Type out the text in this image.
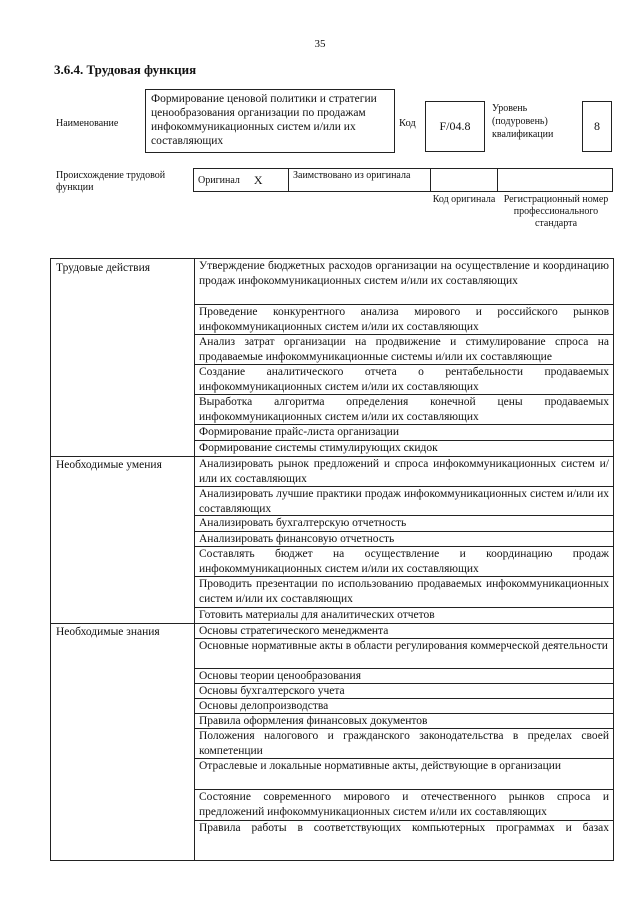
35
3.6.4. Трудовая функция
Наименование
Формирование ценовой политики и стратегии ценообразования организации по продажам инфокоммуникационных систем и/или их составляющих
Код F/04.8
Уровень (подуровень) квалификации
8
Происхождение трудовой функции
Оригинал X	Заимствовано из оригинала
Код оригинала Регистрационный номер профессионального стандарта
Трудовые действия	Утверждение бюджетных расходов организации на осуществление и координацию продаж инфокоммуникационных систем и/или их составляющих
Проведение конкурентного анализа мирового и российского рынков инфокоммуникационных систем и/или их составляющих
Анализ затрат организации на продвижение и стимулирование спроса на продаваемые инфокоммуникационные системы и/или их составляющие
Создание аналитического отчета о рентабельности продаваемых инфокоммуникационных систем и/или их составляющих
Выработка алгоритма определения конечной цены продаваемых инфокоммуникационных систем и/или их составляющих
Формирование прайс-листа организации
Формирование системы стимулирующих скидок
Необходимые умения	Анализировать рынок предложений и спроса инфокоммуникационных систем и/или их составляющих
Анализировать лучшие практики продаж инфокоммуникационных систем и/или их составляющих
Анализировать бухгалтерскую отчетность
Анализировать финансовую отчетность
Составлять бюджет на осуществление и координацию продаж инфокоммуникационных систем и/или их составляющих
Проводить презентации по использованию продаваемых инфокоммуникационных систем и/или их составляющих
Готовить материалы для аналитических отчетов
Необходимые знания	Основы стратегического менеджмента
Основные нормативные акты в области регулирования коммерческой деятельности
Основы теории ценообразования
Основы бухгалтерского учета
Основы делопроизводства
Правила оформления финансовых документов
Положения налогового и гражданского законодательства в пределах своей компетенции
Отраслевые и локальные нормативные акты, действующие в организации
Состояние современного мирового и отечественного рынков спроса и предложений инфокоммуникационных систем и/или их составляющих
Правила работы в соответствующих компьютерных программах и базах
